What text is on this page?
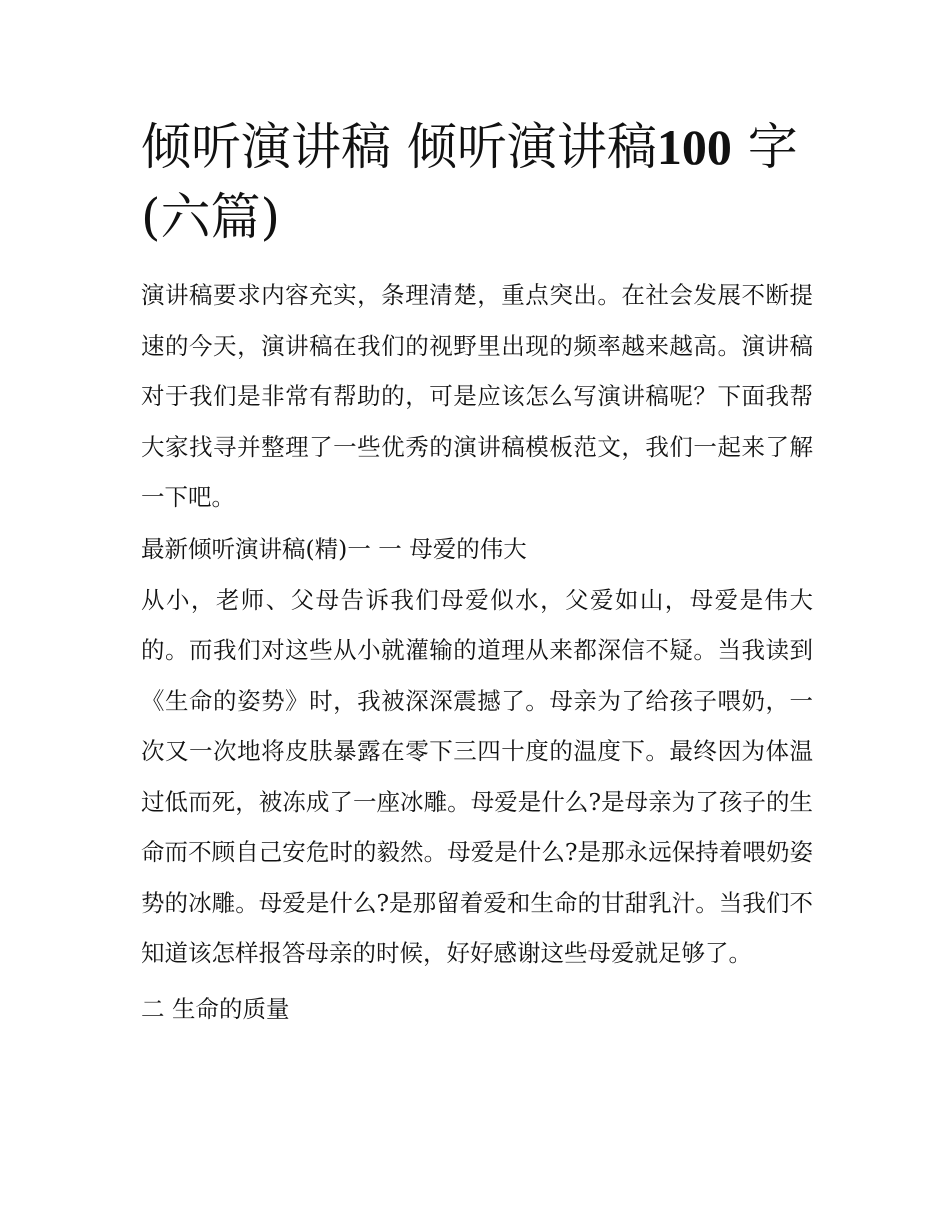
倾听演讲稿 倾听演讲稿100 字
(六篇)

演讲稿要求内容充实，条理清楚，重点突出。在社会发展不断提速的今天，演讲稿在我们的视野里出现的频率越来越高。演讲稿对于我们是非常有帮助的，可是应该怎么写演讲稿呢？下面我帮大家找寻并整理了一些优秀的演讲稿模板范文，我们一起来了解一下吧。

最新倾听演讲稿(精)一 一 母爱的伟大

从小，老师、父母告诉我们母爱似水，父爱如山，母爱是伟大的。而我们对这些从小就灌输的道理从来都深信不疑。当我读到《生命的姿势》时，我被深深震撼了。母亲为了给孩子喂奶，一次又一次地将皮肤暴露在零下三四十度的温度下。最终因为体温过低而死，被冻成了一座冰雕。母爱是什么?是母亲为了孩子的生命而不顾自己安危时的毅然。母爱是什么?是那永远保持着喂奶姿势的冰雕。母爱是什么?是那留着爱和生命的甘甜乳汁。当我们不知道该怎样报答母亲的时候，好好感谢这些母爱就足够了。

二 生命的质量
